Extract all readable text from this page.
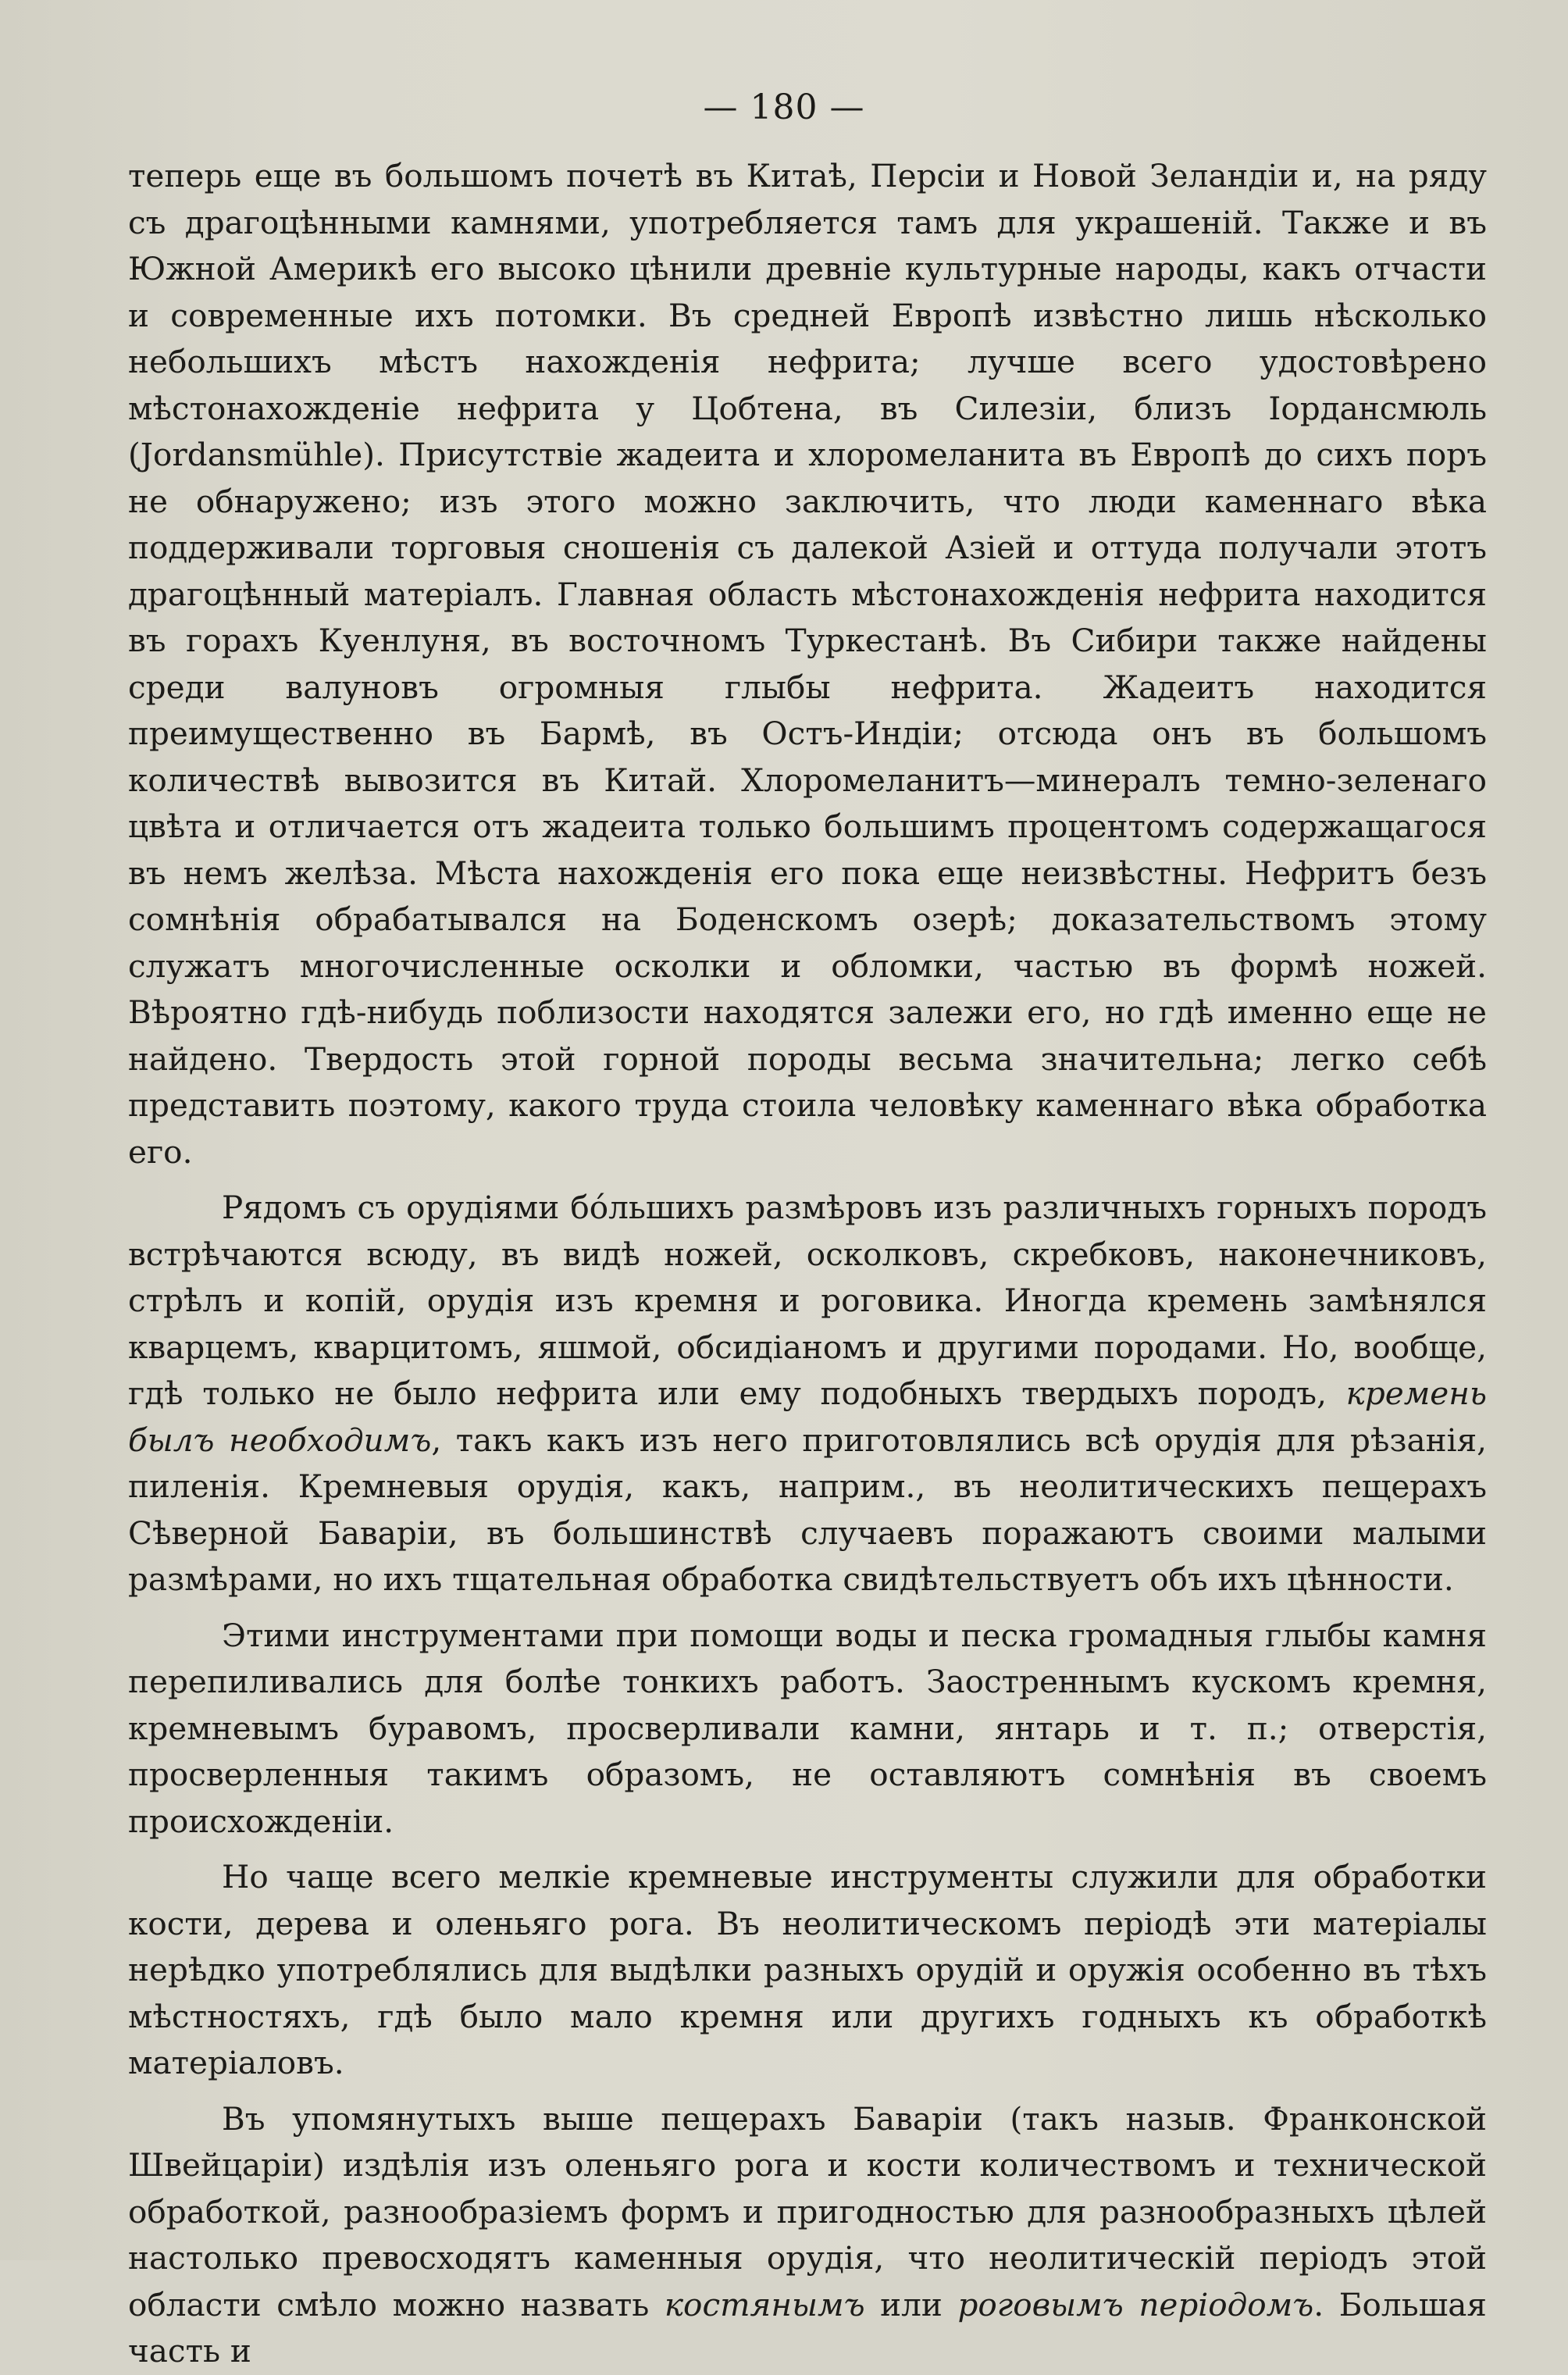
— 180 —

теперь еще въ большомъ почетѣ въ Китаѣ, Персіи и Новой Зеландіи и, на ряду съ драгоцѣнными камнями, употребляется тамъ для украшеній. Также и въ Южной Америкѣ его высоко цѣнили древніе культурные народы, какъ отчасти и современные ихъ потомки. Въ средней Европѣ извѣстно лишь нѣсколько небольшихъ мѣстъ нахожденія нефрита; лучше всего удостовѣрено мѣстонахожденіе нефрита у Цобтена, въ Силезіи, близъ Іордансмюль (Jordansmühle). Присутствіе жадеита и хлоромеланита въ Европѣ до сихъ поръ не обнаружено; изъ этого можно заключить, что люди каменнаго вѣка поддерживали торговыя сношенія съ далекой Азіей и оттуда получали этотъ драгоцѣнный матеріалъ. Главная область мѣстонахожденія нефрита находится въ горахъ Куенлуня, въ восточномъ Туркестанѣ. Въ Сибири также найдены среди валуновъ огромныя глыбы нефрита. Жадеитъ находится преимущественно въ Бармѣ, въ Остъ-Индіи; отсюда онъ въ большомъ количествѣ вывозится въ Китай. Хлоромеланитъ—минералъ темно-зеленаго цвѣта и отличается отъ жадеита только большимъ процентомъ содержащагося въ немъ желѣза. Мѣста нахожденія его пока еще неизвѣстны. Нефритъ безъ сомнѣнія обрабатывался на Боденскомъ озерѣ; доказательствомъ этому служатъ многочисленные осколки и обломки, частью въ формѣ ножей. Вѣроятно гдѣ-нибудь поблизости находятся залежи его, но гдѣ именно еще не найдено. Твердость этой горной породы весьма значительна; легко себѣ представить поэтому, какого труда стоила человѣку каменнаго вѣка обработка его.

Рядомъ съ орудіями бо́льшихъ размѣровъ изъ различныхъ горныхъ породъ встрѣчаются всюду, въ видѣ ножей, осколковъ, скребковъ, наконечниковъ, стрѣлъ и копій, орудія изъ кремня и роговика. Иногда кремень замѣнялся кварцемъ, кварцитомъ, яшмой, обсидіаномъ и другими породами. Но, вообще, гдѣ только не было нефрита или ему подобныхъ твердыхъ породъ, кремень былъ необходимъ, такъ какъ изъ него приготовлялись всѣ орудія для рѣзанія, пиленія. Кремневыя орудія, какъ, наприм., въ неолитическихъ пещерахъ Сѣверной Баваріи, въ большинствѣ случаевъ поражаютъ своими малыми размѣрами, но ихъ тщательная обработка свидѣтельствуетъ объ ихъ цѣнности.

Этими инструментами при помощи воды и песка громадныя глыбы камня перепиливались для болѣе тонкихъ работъ. Заостреннымъ кускомъ кремня, кремневымъ буравомъ, просверливали камни, янтарь и т. п.; отверстія, просверленныя такимъ образомъ, не оставляютъ сомнѣнія въ своемъ происхожденіи.

Но чаще всего мелкіе кремневые инструменты служили для обработки кости, дерева и оленьяго рога. Въ неолитическомъ періодѣ эти матеріалы нерѣдко употреблялись для выдѣлки разныхъ орудій и оружія особенно въ тѣхъ мѣстностяхъ, гдѣ было мало кремня или другихъ годныхъ къ обработкѣ матеріаловъ.

Въ упомянутыхъ выше пещерахъ Баваріи (такъ назыв. Франконской Швейцаріи) издѣлія изъ оленьяго рога и кости количествомъ и технической обработкой, разнообразіемъ формъ и пригодностью для разнообразныхъ цѣлей настолько превосходятъ каменныя орудія, что неолитическій періодъ этой области смѣло можно назвать костянымъ или роговымъ періодомъ. Большая часть и
